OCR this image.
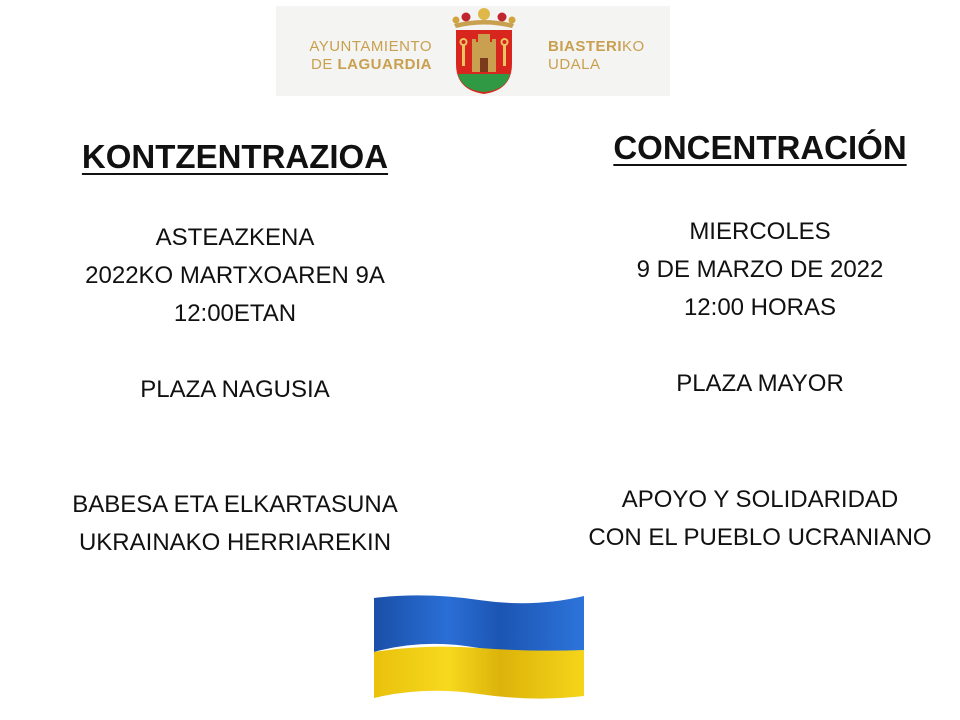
AYUNTAMIENTO
DE LAGUARDIA
BIASTERIKO
UDALA
KONTZENTRAZIOA
ASTEAZKENA
2022KO MARTXOAREN 9A
12:00ETAN
PLAZA NAGUSIA
BABESA ETA ELKARTASUNA
UKRAINAKO HERRIAREKIN
CONCENTRACIÓN
MIERCOLES
9 DE MARZO DE 2022
12:00 HORAS
PLAZA MAYOR
APOYO Y SOLIDARIDAD
CON EL PUEBLO UCRANIANO
